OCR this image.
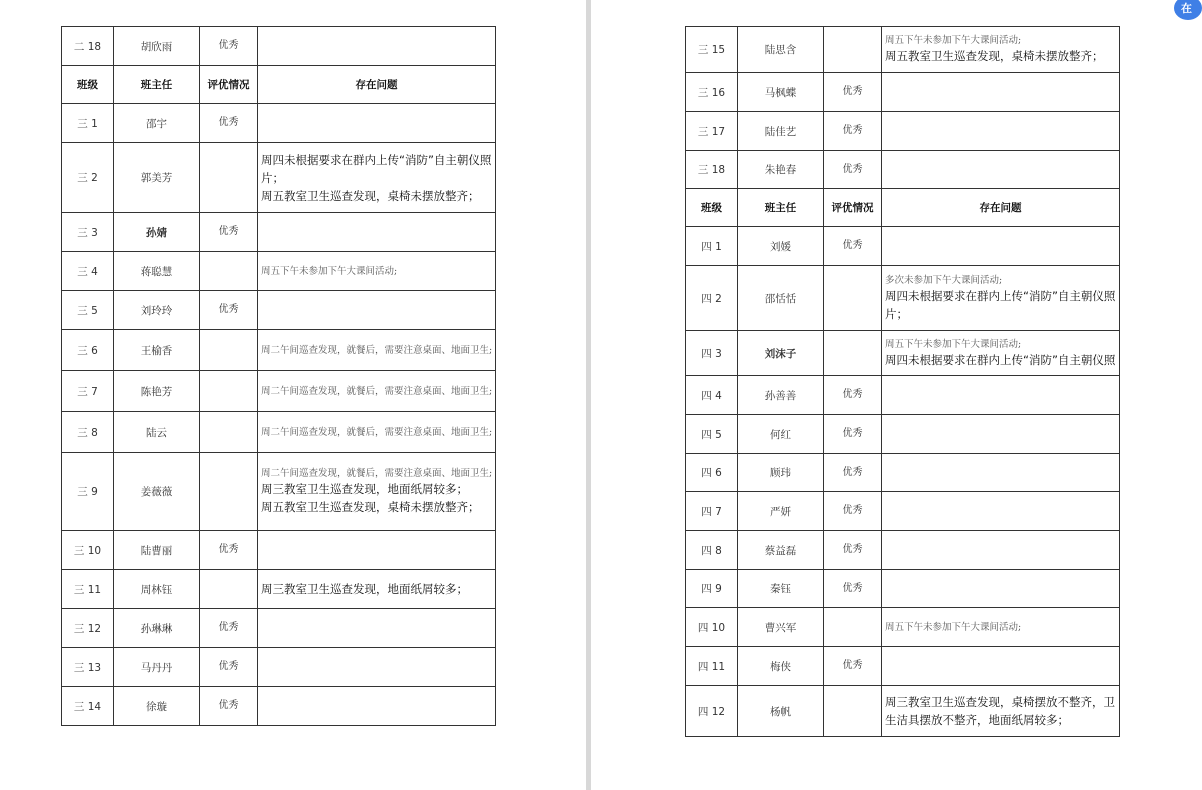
二 18	胡欣雨	优秀	
班级	班主任	评优情况	存在问题
三 1	邵宇	优秀	
三 2	郭美芳		周四未根据要求在群内上传“消防”自主朝仪照片；
周五教室卫生巡查发现，桌椅未摆放整齐；

三 3	孙婧	优秀	
三 4	蒋聪慧		周五下午未参加下午大课间活动;

三 5	刘玲玲	优秀	
三 6	王榆香		周二午间巡查发现，就餐后，需要注意桌面、地面卫生;

三 7	陈艳芳		周二午间巡查发现，就餐后，需要注意桌面、地面卫生;

三 8	陆云		周二午间巡查发现，就餐后，需要注意桌面、地面卫生;

三 9	姜薇薇		周二午间巡查发现，就餐后，需要注意桌面、地面卫生;
周三教室卫生巡查发现，地面纸屑较多；
周五教室卫生巡查发现，桌椅未摆放整齐；

三 10	陆曹丽	优秀	
三 11	周林钰		周三教室卫生巡查发现，地面纸屑较多；

三 12	孙琳琳	优秀	
三 13	马丹丹	优秀	
三 14	徐璇	优秀	
三 15	陆思含		周五下午未参加下午大课间活动;
周五教室卫生巡查发现，桌椅未摆放整齐；

三 16	马枫蝶	优秀	
三 17	陆佳艺	优秀	
三 18	朱艳春	优秀	
班级	班主任	评优情况	存在问题
四 1	刘媛	优秀	
四 2	邵恬恬		多次未参加下午大课间活动;
周四未根据要求在群内上传“消防”自主朝仪照片；

四 3	刘沫子		周五下午未参加下午大课间活动;
周四未根据要求在群内上传“消防”自主朝仪照

四 4	孙善善	优秀	
四 5	何红	优秀	
四 6	顾玮	优秀	
四 7	严妍	优秀	
四 8	蔡益磊	优秀	
四 9	秦钰	优秀	
四 10	曹兴军		周五下午未参加下午大课间活动;

四 11	梅侠	优秀	
四 12	杨帆		周三教室卫生巡查发现，桌椅摆放不整齐，卫生洁具摆放不整齐，地面纸屑较多；
在
